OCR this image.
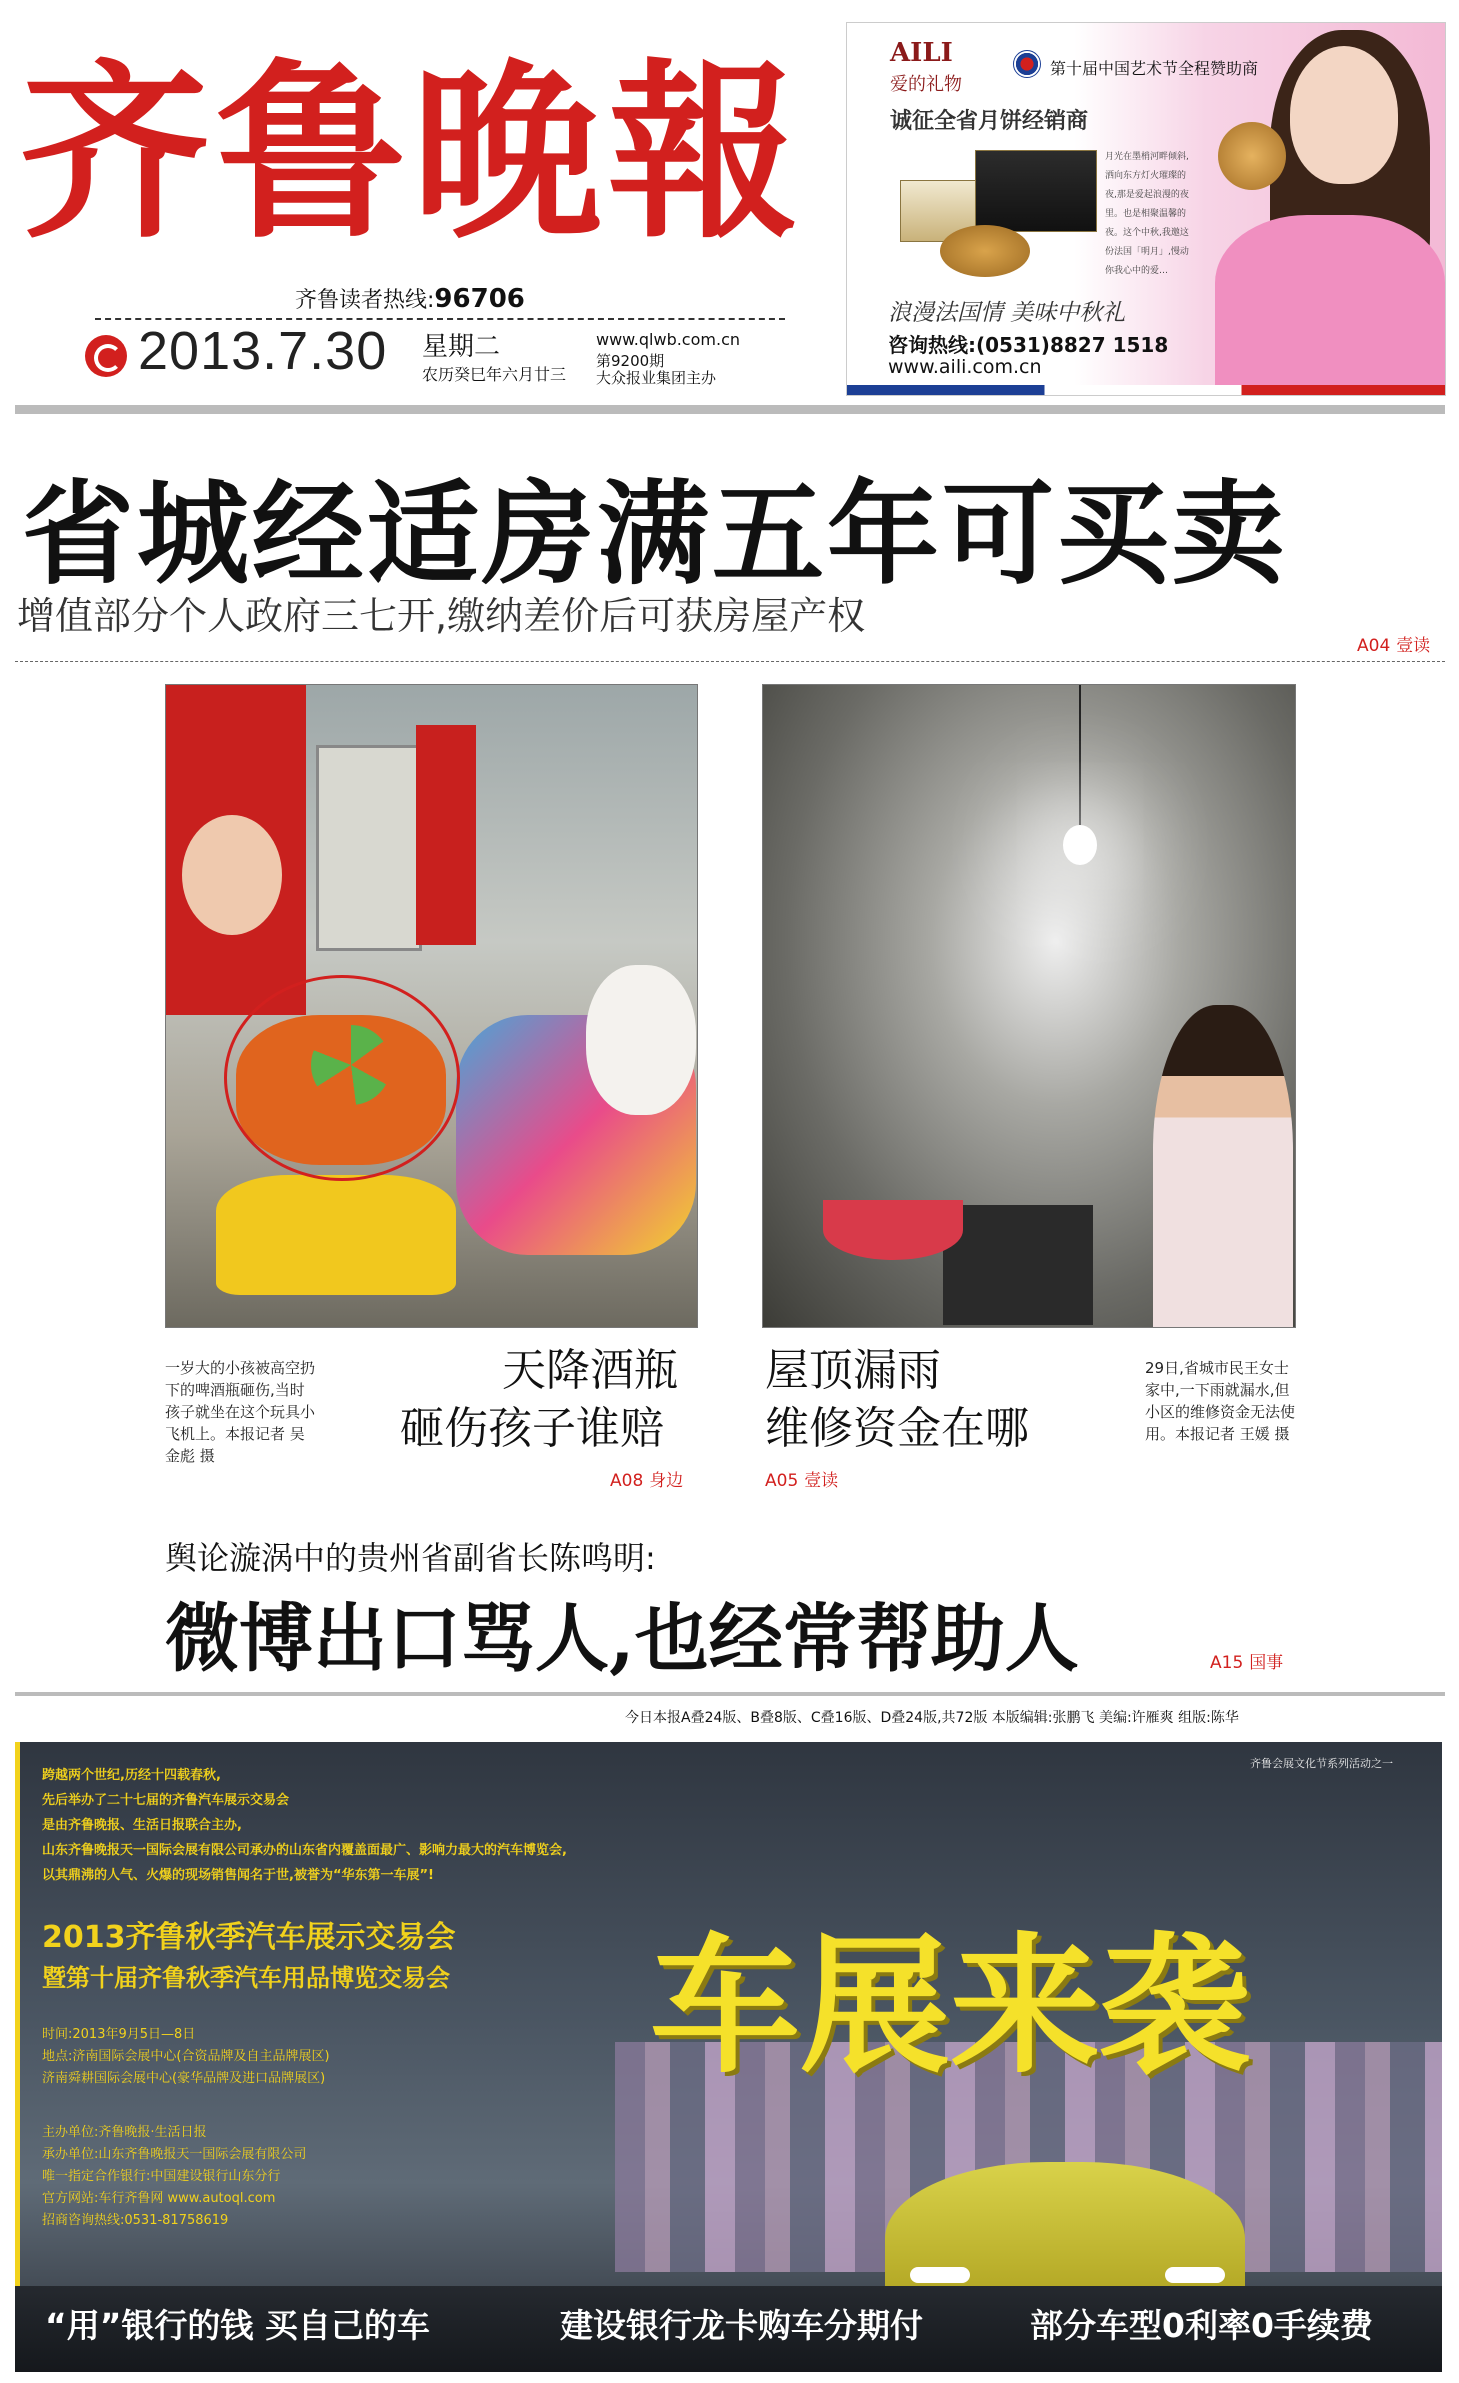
齐鲁晚報
齐鲁读者热线:96706
2013.7.30 星期二
农历癸巳年六月廿三
www.qlwb.com.cn
第9200期
大众报业集团主办
AILI
爱的礼物
第十届中国艺术节全程赞助商
诚征全省月饼经销商
月光在墨梢河畔倾斜,洒向东方灯火璀璨的夜,那是爱起浪漫的夜里。也是相聚温馨的夜。这个中秋,我邀这份法国「明月」,慢动你我心中的爱…
浪漫法国情 美味中秋礼
咨询热线:(0531)8827 1518
www.aili.com.cn
省城经适房满五年可买卖
增值部分个人政府三七开,缴纳差价后可获房屋产权
A04 壹读
一岁大的小孩被高空扔下的啤酒瓶砸伤,当时孩子就坐在这个玩具小飞机上。本报记者 吴金彪 摄
天降酒瓶
砸伤孩子谁赔
A08 身边
屋顶漏雨
维修资金在哪
A05 壹读
29日,省城市民王女士家中,一下雨就漏水,但小区的维修资金无法使用。本报记者 王媛 摄
舆论漩涡中的贵州省副省长陈鸣明:
微博出口骂人,也经常帮助人	A15 国事
今日本报A叠24版、B叠8版、C叠16版、D叠24版,共72版 本版编辑:张鹏飞 美编:许雁爽 组版:陈华
齐鲁会展文化节系列活动之一
跨越两个世纪,历经十四载春秋,
先后举办了二十七届的齐鲁汽车展示交易会
是由齐鲁晚报、生活日报联合主办,
山东齐鲁晚报天一国际会展有限公司承办的山东省内覆盖面最广、影响力最大的汽车博览会,
以其鼎沸的人气、火爆的现场销售闻名于世,被誉为“华东第一车展”!
2013齐鲁秋季汽车展示交易会
暨第十届齐鲁秋季汽车用品博览交易会
时间:2013年9月5日—8日
地点:济南国际会展中心(合资品牌及自主品牌展区)
济南舜耕国际会展中心(豪华品牌及进口品牌展区)
主办单位:齐鲁晚报·生活日报
承办单位:山东齐鲁晚报天一国际会展有限公司
唯一指定合作银行:中国建设银行山东分行
官方网站:车行齐鲁网 www.autoql.com
招商咨询热线:0531-81758619
车展来袭
“用”银行的钱 买自己的车	建设银行龙卡购车分期付	部分车型0利率0手续费
